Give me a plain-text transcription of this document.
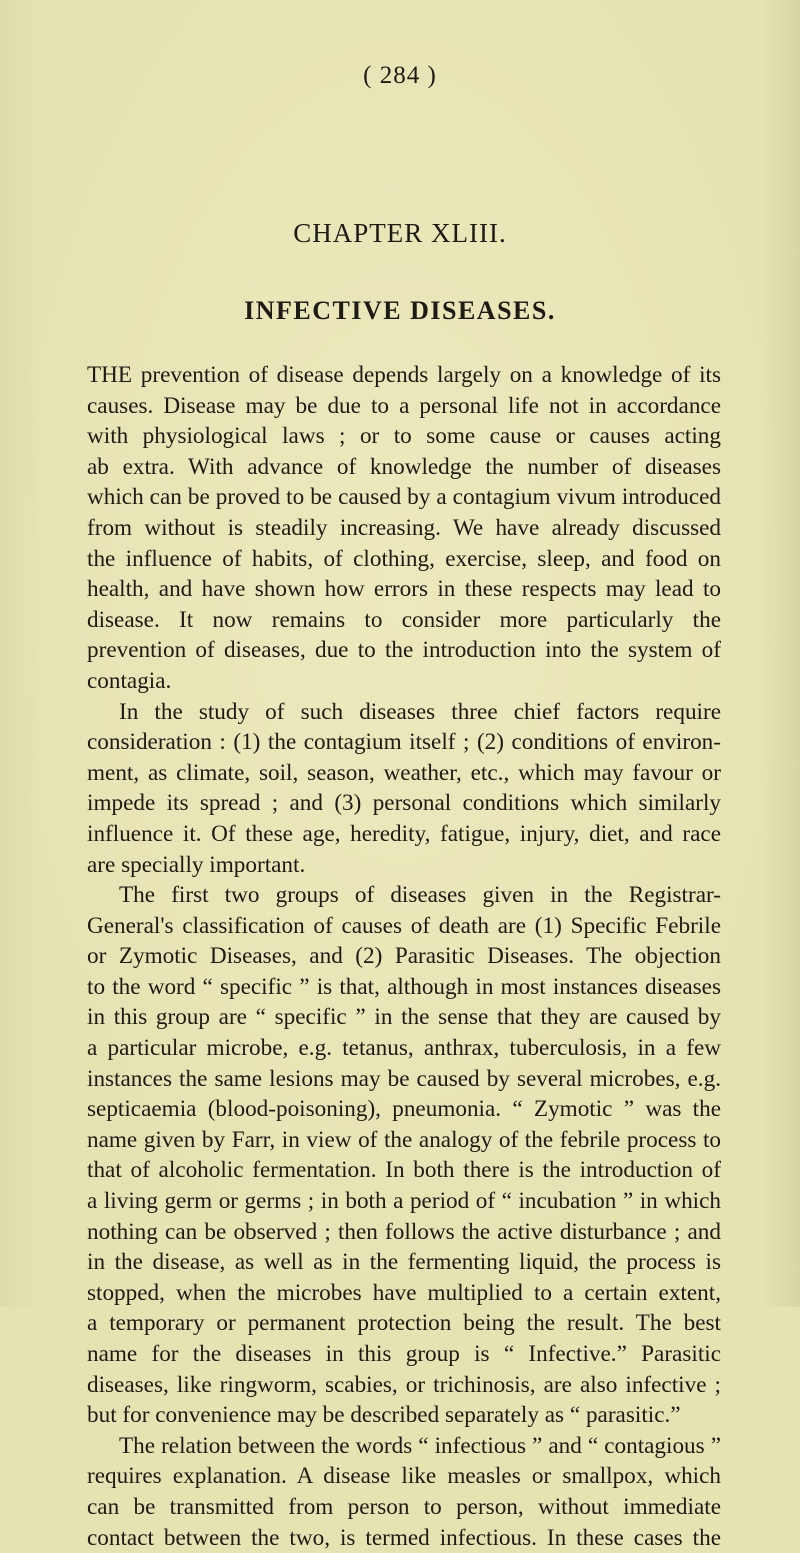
( 284 )
CHAPTER XLIII.
INFECTIVE DISEASES.
THE prevention of disease depends largely on a knowledge of its
causes. Disease may be due to a personal life not in accordance
with physiological laws ; or to some cause or causes acting
ab extra. With advance of knowledge the number of diseases
which can be proved to be caused by a contagium vivum introduced
from without is steadily increasing. We have already discussed
the influence of habits, of clothing, exercise, sleep, and food on
health, and have shown how errors in these respects may lead to
disease. It now remains to consider more particularly the
prevention of diseases, due to the introduction into the system of
contagia.
In the study of such diseases three chief factors require
consideration : (1) the contagium itself ; (2) conditions of environ-
ment, as climate, soil, season, weather, etc., which may favour or
impede its spread ; and (3) personal conditions which similarly
influence it. Of these age, heredity, fatigue, injury, diet, and race
are specially important.
The first two groups of diseases given in the Registrar-
General's classification of causes of death are (1) Specific Febrile
or Zymotic Diseases, and (2) Parasitic Diseases. The objection
to the word “ specific ” is that, although in most instances diseases
in this group are “ specific ” in the sense that they are caused by
a particular microbe, e.g. tetanus, anthrax, tuberculosis, in a few
instances the same lesions may be caused by several microbes, e.g.
septicaemia (blood-poisoning), pneumonia. “ Zymotic ” was the
name given by Farr, in view of the analogy of the febrile process to
that of alcoholic fermentation. In both there is the introduction of
a living germ or germs ; in both a period of “ incubation ” in which
nothing can be observed ; then follows the active disturbance ; and
in the disease, as well as in the fermenting liquid, the process is
stopped, when the microbes have multiplied to a certain extent,
a temporary or permanent protection being the result. The best
name for the diseases in this group is “ Infective.” Parasitic
diseases, like ringworm, scabies, or trichinosis, are also infective ;
but for convenience may be described separately as “ parasitic.”
The relation between the words “ infectious ” and “ contagious ”
requires explanation. A disease like measles or smallpox, which
can be transmitted from person to person, without immediate
contact between the two, is termed infectious. In these cases the
